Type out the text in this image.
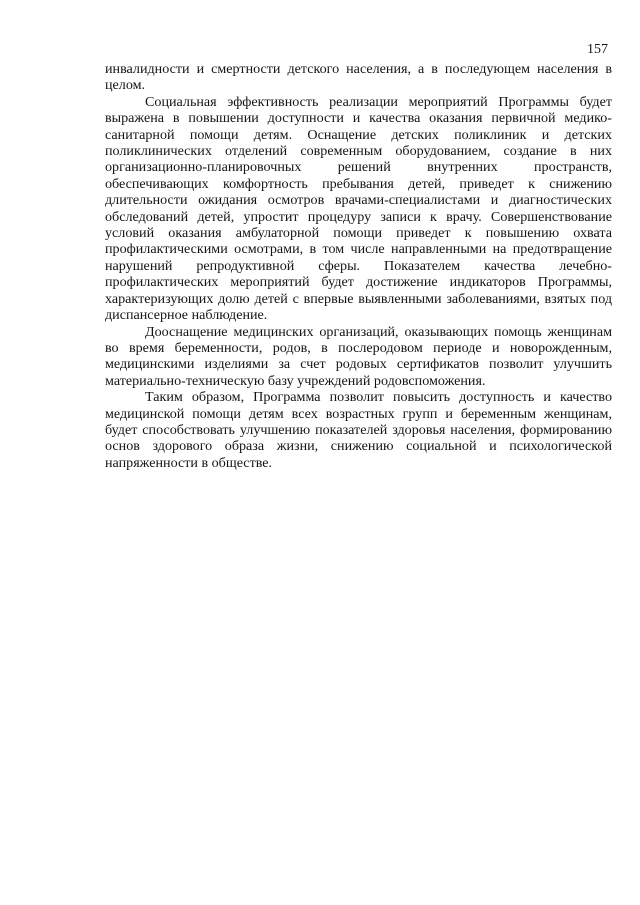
157

инвалидности и смертности детского населения, а в последующем населения в целом.

Социальная эффективность реализации мероприятий Программы будет выражена в повышении доступности и качества оказания первичной медико-санитарной помощи детям. Оснащение детских поликлиник и детских поликлинических отделений современным оборудованием, создание в них организационно-планировочных решений внутренних пространств, обеспечивающих комфортность пребывания детей, приведет к снижению длительности ожидания осмотров врачами-специалистами и диагностических обследований детей, упростит процедуру записи к врачу. Совершенствование условий оказания амбулаторной помощи приведет к повышению охвата профилактическими осмотрами, в том числе направленными на предотвращение нарушений репродуктивной сферы. Показателем качества лечебно-профилактических мероприятий будет достижение индикаторов Программы, характеризующих долю детей с впервые выявленными заболеваниями, взятых под диспансерное наблюдение.

Дооснащение медицинских организаций, оказывающих помощь женщинам во время беременности, родов, в послеродовом периоде и новорожденным, медицинскими изделиями за счет родовых сертификатов позволит улучшить материально-техническую базу учреждений родовспоможения.

Таким образом, Программа позволит повысить доступность и качество медицинской помощи детям всех возрастных групп и беременным женщинам, будет способствовать улучшению показателей здоровья населения, формированию основ здорового образа жизни, снижению социальной и психологической напряженности в обществе.
